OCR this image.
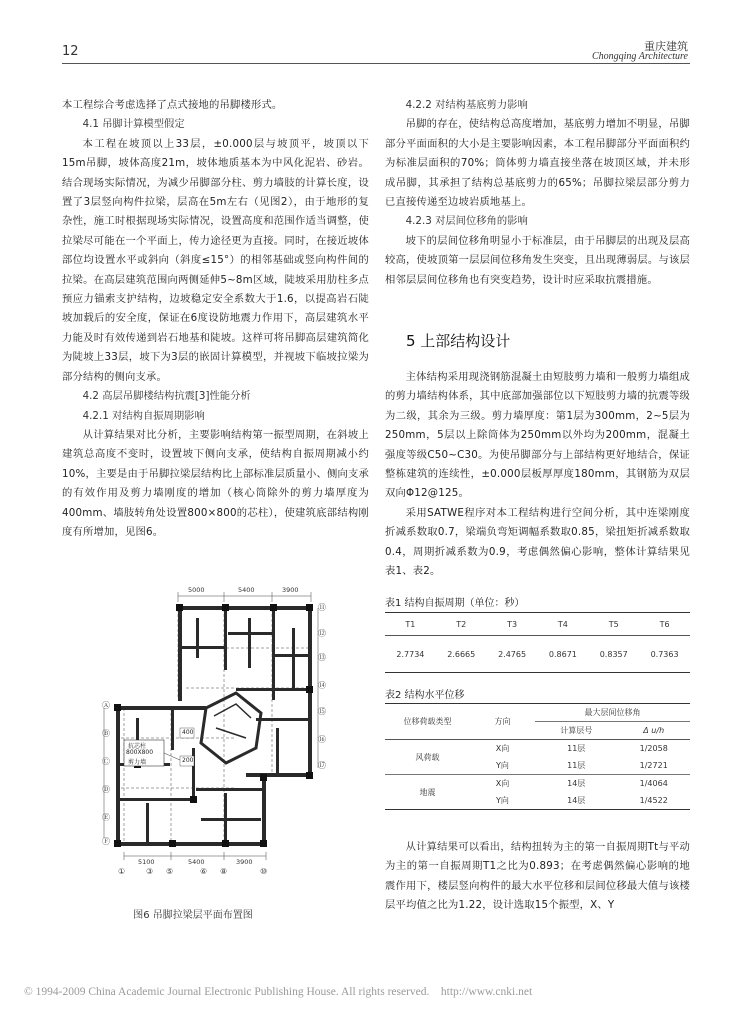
12	重庆建筑
Chongqing Architecture
本工程综合考虑选择了点式接地的吊脚楼形式。
4.1 吊脚计算模型假定
本工程在坡顶以上33层，±0.000层与坡顶平，坡顶以下15m吊脚，坡体高度21m，坡体地质基本为中风化泥岩、砂岩。结合现场实际情况，为减少吊脚部分柱、剪力墙肢的计算长度，设置了3层竖向构件拉梁，层高在5m左右（见图2），由于地形的复杂性，施工时根据现场实际情况，设置高度和范围作适当调整，使拉梁尽可能在一个平面上，传力途径更为直接。同时，在接近坡体部位均设置水平或斜向（斜度≤15°）的相邻基础或竖向构件间的拉梁。在高层建筑范围向两侧延伸5~8m区域，陡坡采用肋柱多点预应力锚索支护结构，边坡稳定安全系数大于1.6，以提高岩石陡坡加载后的安全度，保证在6度设防地震力作用下，高层建筑水平力能及时有效传递到岩石地基和陡坡。这样可将吊脚高层建筑简化为陡坡上33层，坡下为3层的嵌固计算模型，并视坡下临坡拉梁为部分结构的侧向支承。
4.2 高层吊脚楼结构抗震[3]性能分析
4.2.1 对结构自振周期影响
从计算结果对比分析，主要影响结构第一振型周期，在斜坡上建筑总高度不变时，设置坡下侧向支承，使结构自振周期减小约10%，主要是由于吊脚拉梁层结构比上部标准层质量小、侧向支承的有效作用及剪力墙刚度的增加（核心筒除外的剪力墙厚度为400mm、墙肢转角处设置800×800的芯柱），使建筑底部结构刚度有所增加，见图6。
5000	5400	3900
5100	5400	3900
①	③ ⑤	⑥ ⑧	⑩
⑪
⑫
⑬
⑭
⑮
⑯
⑰
Ⓐ
Ⓑ
Ⓒ
Ⓓ
Ⓔ
Ⓕ
抗芯柱
800X800
剪力墙
400
200
图6 吊脚拉梁层平面布置图
4.2.2 对结构基底剪力影响
吊脚的存在，使结构总高度增加，基底剪力增加不明显，吊脚部分平面面积的大小是主要影响因素，本工程吊脚部分平面面积约为标准层面积的70%；筒体剪力墙直接坐落在坡顶区域，并未形成吊脚，其承担了结构总基底剪力的65%；吊脚拉梁层部分剪力已直接传递至边坡岩质地基上。
4.2.3 对层间位移角的影响
坡下的层间位移角明显小于标准层，由于吊脚层的出现及层高较高，使坡顶第一层层间位移角发生突变，且出现薄弱层。与该层相邻层层间位移角也有突变趋势，设计时应采取抗震措施。
5 上部结构设计
主体结构采用现浇钢筋混凝土由短肢剪力墙和一般剪力墙组成的剪力墙结构体系，其中底部加强部位以下短肢剪力墙的抗震等级为二级，其余为三级。剪力墙厚度：第1层为300mm，2~5层为250mm，5层以上除筒体为250mm以外均为200mm，混凝土强度等级C50~C30。为使吊脚部分与上部结构更好地结合，保证整栋建筑的连续性，±0.000层板厚厚度180mm，其钢筋为双层双向Φ12@125。
采用SATWE程序对本工程结构进行空间分析，其中连梁刚度折减系数取0.7，梁端负弯矩调幅系数取0.85，梁扭矩折减系数取0.4，周期折减系数为0.9，考虑偶然偏心影响，整体计算结果见表1、表2。
表1 结构自振周期（单位：秒）
T1	T2	T3	T4	T5	T6
2.7734	2.6665	2.4765	0.8671	0.8357	0.7363
表2 结构水平位移
位移荷载类型	方向	最大层间位移角	
		计算层号	Δ u/h
风荷载	X向	11层	1/2058
	Y向	11层	1/2721
地震	X向	14层	1/4064
	Y向	14层	1/4522
从计算结果可以看出，结构扭转为主的第一自振周期Tt与平动为主的第一自振周期T1之比为0.893；在考虑偶然偏心影响的地震作用下，楼层竖向构件的最大水平位移和层间位移最大值与该楼层平均值之比为1.22，设计选取15个振型，X、Y
© 1994-2009 China Academic Journal Electronic Publishing House. All rights reserved.    http://www.cnki.net
